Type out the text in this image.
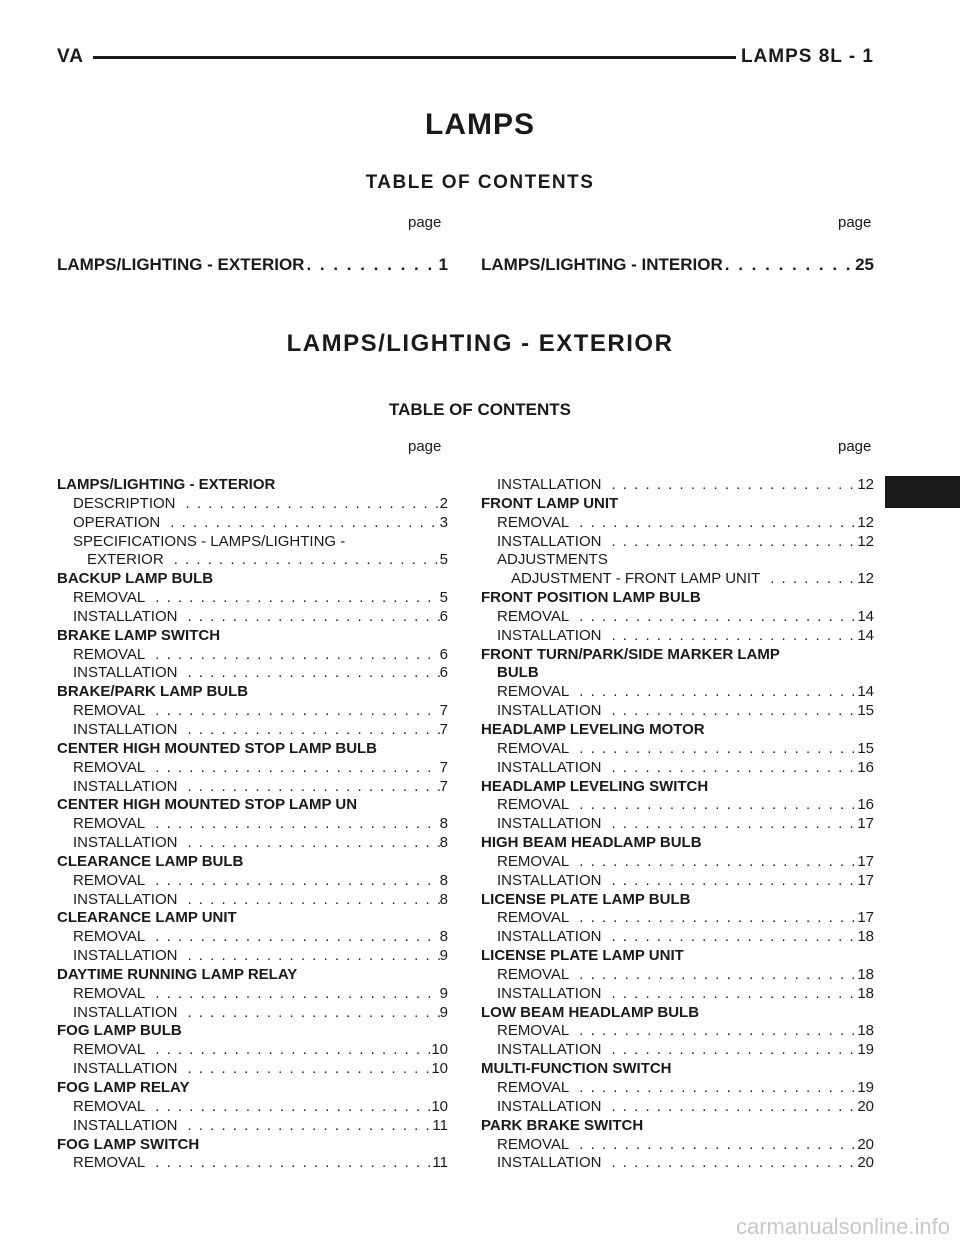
VA	LAMPS 8L - 1
LAMPS
TABLE OF CONTENTS
page	page
LAMPS/LIGHTING - EXTERIOR . . .	1 LAMPS/LIGHTING - INTERIOR . . .	25
LAMPS/LIGHTING - EXTERIOR
TABLE OF CONTENTS
page	page
LAMPS/LIGHTING - EXTERIOR
DESCRIPTION . . .	2
OPERATION . . .	3
SPECIFICATIONS - LAMPS/LIGHTING -
EXTERIOR . . .	5
BACKUP LAMP BULB
REMOVAL . . .	5
INSTALLATION . . .	6
BRAKE LAMP SWITCH
REMOVAL . . .	6
INSTALLATION . . .	6
BRAKE/PARK LAMP BULB
REMOVAL . . .	7
INSTALLATION . . .	7
CENTER HIGH MOUNTED STOP LAMP BULB
REMOVAL . . .	7
INSTALLATION . . .	7
CENTER HIGH MOUNTED STOP LAMP UN
REMOVAL . . .	8
INSTALLATION . . .	8
CLEARANCE LAMP BULB
REMOVAL . . .	8
INSTALLATION . . .	8
CLEARANCE LAMP UNIT
REMOVAL . . .	8
INSTALLATION . . .	9
DAYTIME RUNNING LAMP RELAY
REMOVAL . . .	9
INSTALLATION . . .	9
FOG LAMP BULB
REMOVAL . . .	10
INSTALLATION . . .	10
FOG LAMP RELAY
REMOVAL . . .	10
INSTALLATION . . .	11
FOG LAMP SWITCH
REMOVAL . . .	11
INSTALLATION . . .	12
FRONT LAMP UNIT
REMOVAL . . .	12
INSTALLATION . . .	12
ADJUSTMENTS
ADJUSTMENT - FRONT LAMP UNIT . . .	12
FRONT POSITION LAMP BULB
REMOVAL . . .	14
INSTALLATION . . .	14
FRONT TURN/PARK/SIDE MARKER LAMP
BULB
REMOVAL . . .	14
INSTALLATION . . .	15
HEADLAMP LEVELING MOTOR
REMOVAL . . .	15
INSTALLATION . . .	16
HEADLAMP LEVELING SWITCH
REMOVAL . . .	16
INSTALLATION . . .	17
HIGH BEAM HEADLAMP BULB
REMOVAL . . .	17
INSTALLATION . . .	17
LICENSE PLATE LAMP BULB
REMOVAL . . .	17
INSTALLATION . . .	18
LICENSE PLATE LAMP UNIT
REMOVAL . . .	18
INSTALLATION . . .	18
LOW BEAM HEADLAMP BULB
REMOVAL . . .	18
INSTALLATION . . .	19
MULTI-FUNCTION SWITCH
REMOVAL . . .	19
INSTALLATION . . .	20
PARK BRAKE SWITCH
REMOVAL . . .	20
INSTALLATION . . .	20
carmanualsonline.info
